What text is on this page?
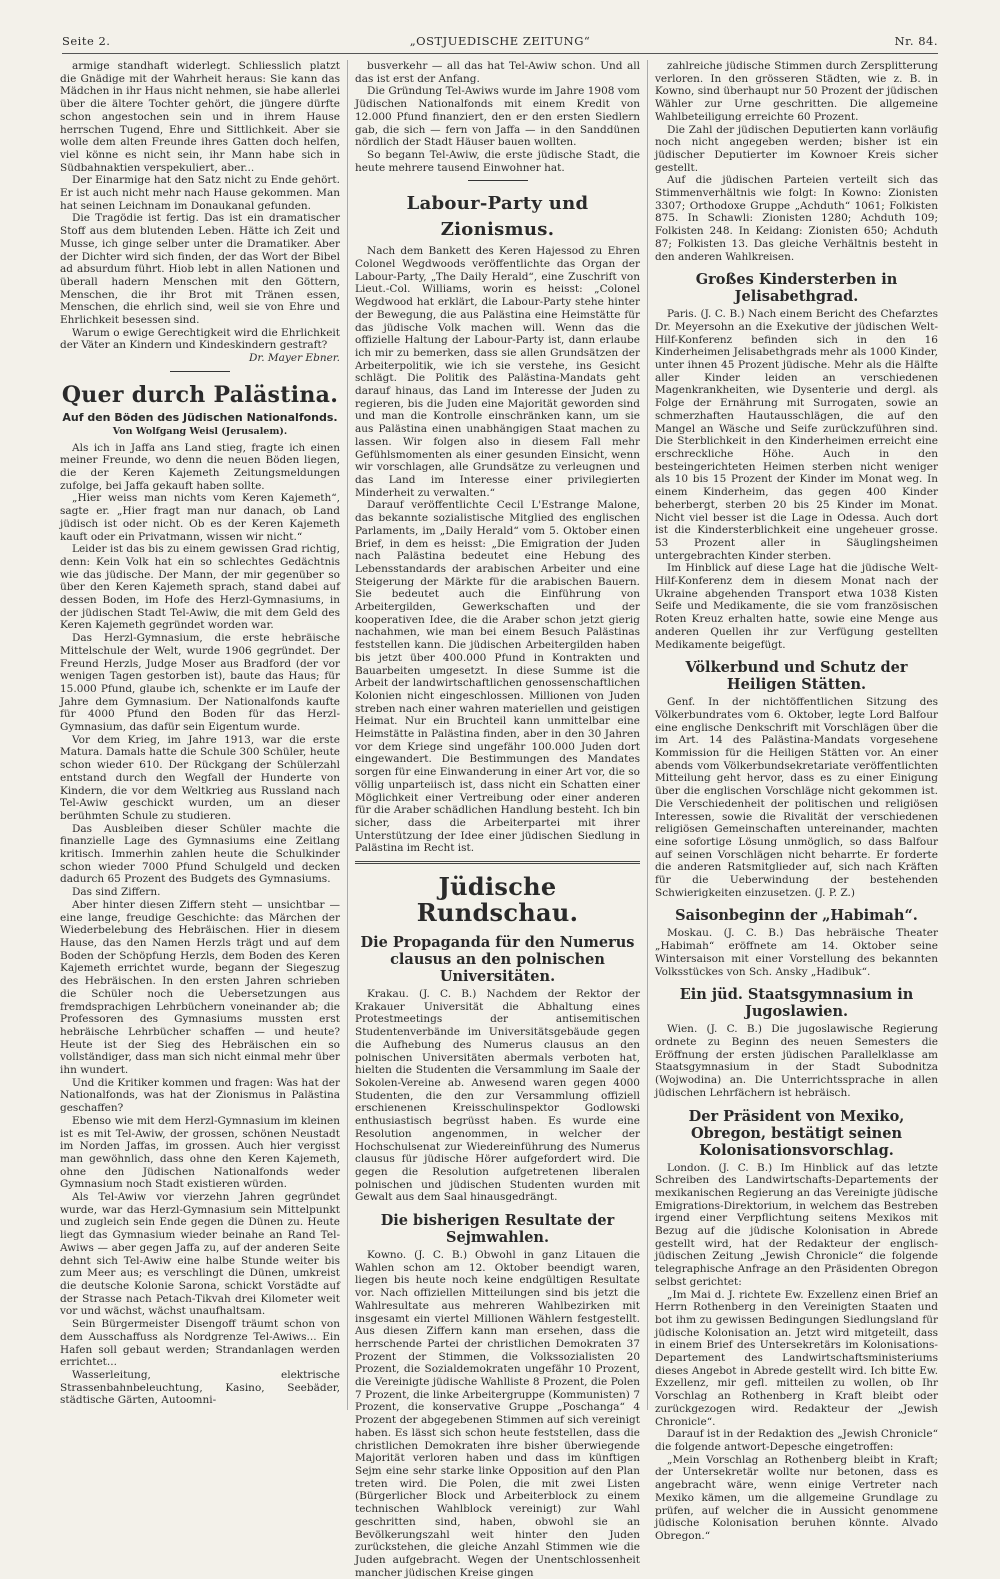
Seite 2.	„OSTJUEDISCHE ZEITUNG“	Nr. 84.

armige standhaft widerlegt. Schliesslich platzt die Gnädige mit der Wahrheit heraus: Sie kann das Mädchen in ihr Haus nicht nehmen, sie habe allerlei über die ältere Tochter gehört, die jüngere dürfte schon angestochen sein und in ihrem Hause herrschen Tugend, Ehre und Sittlichkeit. Aber sie wolle dem alten Freunde ihres Gatten doch helfen, viel könne es nicht sein, ihr Mann habe sich in Südbahnaktien verspekuliert, aber...

Der Einarmige hat den Satz nicht zu Ende gehört. Er ist auch nicht mehr nach Hause gekommen. Man hat seinen Leichnam im Donaukanal gefunden.

Die Tragödie ist fertig. Das ist ein dramatischer Stoff aus dem blutenden Leben. Hätte ich Zeit und Musse, ich ginge selber unter die Dramatiker. Aber der Dichter wird sich finden, der das Wort der Bibel ad absurdum führt. Hiob lebt in allen Nationen und überall hadern Menschen mit den Göttern, Menschen, die ihr Brot mit Tränen essen, Menschen, die ehrlich sind, weil sie von Ehre und Ehrlichkeit besessen sind.

Warum o ewige Gerechtigkeit wird die Ehrlichkeit der Väter an Kindern und Kindeskindern gestraft?

Dr. Mayer Ebner.

Quer durch Palästina.
Auf den Böden des Jüdischen Nationalfonds.
Von Wolfgang Weisl (Jerusalem).

Als ich in Jaffa ans Land stieg, fragte ich einen meiner Freunde, wo denn die neuen Böden liegen, die der Keren Kajemeth Zeitungsmeldungen zufolge, bei Jaffa gekauft haben sollte.

„Hier weiss man nichts vom Keren Kajemeth“, sagte er. „Hier fragt man nur danach, ob Land jüdisch ist oder nicht. Ob es der Keren Kajemeth kauft oder ein Privatmann, wissen wir nicht.“

Leider ist das bis zu einem gewissen Grad richtig, denn: Kein Volk hat ein so schlechtes Gedächtnis wie das jüdische. Der Mann, der mir gegenüber so über den Keren Kajemeth sprach, stand dabei auf dessen Boden, im Hofe des Herzl-Gymnasiums, in der jüdischen Stadt Tel-Awiw, die mit dem Geld des Keren Kajemeth gegründet worden war.

Das Herzl-Gymnasium, die erste hebräische Mittelschule der Welt, wurde 1906 gegründet. Der Freund Herzls, Judge Moser aus Bradford (der vor wenigen Tagen gestorben ist), baute das Haus; für 15.000 Pfund, glaube ich, schenkte er im Laufe der Jahre dem Gymnasium. Der Nationalfonds kaufte für 4000 Pfund den Boden für das Herzl-Gymnasium, das dafür sein Eigentum wurde.

Vor dem Krieg, im Jahre 1913, war die erste Matura. Damals hatte die Schule 300 Schüler, heute schon wieder 610. Der Rückgang der Schülerzahl entstand durch den Wegfall der Hunderte von Kindern, die vor dem Weltkrieg aus Russland nach Tel-Awiw geschickt wurden, um an dieser berühmten Schule zu studieren.

Das Ausbleiben dieser Schüler machte die finanzielle Lage des Gymnasiums eine Zeitlang kritisch. Immerhin zahlen heute die Schulkinder schon wieder 7000 Pfund Schulgeld und decken dadurch 65 Prozent des Budgets des Gymnasiums.

Das sind Ziffern.

Aber hinter diesen Ziffern steht — unsichtbar — eine lange, freudige Geschichte: das Märchen der Wiederbelebung des Hebräischen. Hier in diesem Hause, das den Namen Herzls trägt und auf dem Boden der Schöpfung Herzls, dem Boden des Keren Kajemeth errichtet wurde, begann der Siegeszug des Hebräischen. In den ersten Jahren schrieben die Schüler noch die Uebersetzungen aus fremdsprachigen Lehrbüchern voneinander ab; die Professoren des Gymnasiums mussten erst hebräische Lehrbücher schaffen — und heute? Heute ist der Sieg des Hebräischen ein so vollständiger, dass man sich nicht einmal mehr über ihn wundert.

Und die Kritiker kommen und fragen: Was hat der Nationalfonds, was hat der Zionismus in Palästina geschaffen?

Ebenso wie mit dem Herzl-Gymnasium im kleinen ist es mit Tel-Awiw, der grossen, schönen Neustadt im Norden Jaffas, im grossen. Auch hier vergisst man gewöhnlich, dass ohne den Keren Kajemeth, ohne den Jüdischen Nationalfonds weder Gymnasium noch Stadt existieren würden.

Als Tel-Awiw vor vierzehn Jahren gegründet wurde, war das Herzl-Gymnasium sein Mittelpunkt und zugleich sein Ende gegen die Dünen zu. Heute liegt das Gymnasium wieder beinahe an Rand Tel-Awiws — aber gegen Jaffa zu, auf der anderen Seite dehnt sich Tel-Awiw eine halbe Stunde weiter bis zum Meer aus; es verschlingt die Dünen, umkreist die deutsche Kolonie Sarona, schickt Vorstädte auf der Strasse nach Petach-Tikvah drei Kilometer weit vor und wächst, wächst unaufhaltsam.

Sein Bürgermeister Disengoff träumt schon von dem Ausschaffuss als Nordgrenze Tel-Awiws... Ein Hafen soll gebaut werden; Strandanlagen werden errichtet...

Wasserleitung, elektrische Strassenbahnbeleuchtung, Kasino, Seebäder, städtische Gärten, Autoomni-

busverkehr — all das hat Tel-Awiw schon. Und all das ist erst der Anfang.

Die Gründung Tel-Awiws wurde im Jahre 1908 vom Jüdischen Nationalfonds mit einem Kredit von 12.000 Pfund finanziert, den er den ersten Siedlern gab, die sich — fern von Jaffa — in den Sanddünen nördlich der Stadt Häuser bauen wollten.

So begann Tel-Awiw, die erste jüdische Stadt, die heute mehrere tausend Einwohner hat.

Labour-Party und Zionismus.

Nach dem Bankett des Keren Hajessod zu Ehren Colonel Wegdwoods veröffentlichte das Organ der Labour-Party, „The Daily Herald“, eine Zuschrift von Lieut.-Col. Williams, worin es heisst: „Colonel Wegdwood hat erklärt, die Labour-Party stehe hinter der Bewegung, die aus Palästina eine Heimstätte für das jüdische Volk machen will. Wenn das die offizielle Haltung der Labour-Party ist, dann erlaube ich mir zu bemerken, dass sie allen Grundsätzen der Arbeiterpolitik, wie ich sie verstehe, ins Gesicht schlägt. Die Politik des Palästina-Mandats geht darauf hinaus, das Land im Interesse der Juden zu regieren, bis die Juden eine Majorität geworden sind und man die Kontrolle einschränken kann, um sie aus Palästina einen unabhängigen Staat machen zu lassen. Wir folgen also in diesem Fall mehr Gefühlsmomenten als einer gesunden Einsicht, wenn wir vorschlagen, alle Grundsätze zu verleugnen und das Land im Interesse einer privilegierten Minderheit zu verwalten.“

Darauf veröffentlichte Cecil L'Estrange Malone, das bekannte sozialistische Mitglied des englischen Parlaments, im „Daily Herald“ vom 5. Oktober einen Brief, in dem es heisst: „Die Emigration der Juden nach Palästina bedeutet eine Hebung des Lebensstandards der arabischen Arbeiter und eine Steigerung der Märkte für die arabischen Bauern. Sie bedeutet auch die Einführung von Arbeitergilden, Gewerkschaften und der kooperativen Idee, die die Araber schon jetzt gierig nachahmen, wie man bei einem Besuch Palästinas feststellen kann. Die jüdischen Arbeitergilden haben bis jetzt über 400.000 Pfund in Kontrakten und Bauarbeiten umgesetzt. In diese Summe ist die Arbeit der landwirtschaftlichen genossenschaftlichen Kolonien nicht eingeschlossen. Millionen von Juden streben nach einer wahren materiellen und geistigen Heimat. Nur ein Bruchteil kann unmittelbar eine Heimstätte in Palästina finden, aber in den 30 Jahren vor dem Kriege sind ungefähr 100.000 Juden dort eingewandert. Die Bestimmungen des Mandates sorgen für eine Einwanderung in einer Art vor, die so völlig unparteiisch ist, dass nicht ein Schatten einer Möglichkeit einer Vertreibung oder einer anderen für die Araber schädlichen Handlung besteht. Ich bin sicher, dass die Arbeiterpartei mit ihrer Unterstützung der Idee einer jüdischen Siedlung in Palästina im Recht ist.

Jüdische Rundschau.
Die Propaganda für den Numerus clausus an den polnischen Universitäten.

Krakau. (J. C. B.) Nachdem der Rektor der Krakauer Universität die Abhaltung eines Protestmeetings der antisemitischen Studentenverbände im Universitätsgebäude gegen die Aufhebung des Numerus clausus an den polnischen Universitäten abermals verboten hat, hielten die Studenten die Versammlung im Saale der Sokolen-Vereine ab. Anwesend waren gegen 4000 Studenten, die den zur Versammlung offiziell erschienenen Kreisschulinspektor Godlowski enthusiastisch begrüsst haben. Es wurde eine Resolution angenommen, in welcher der Hochschulsenat zur Wiedereinführung des Numerus clausus für jüdische Hörer aufgefordert wird. Die gegen die Resolution aufgetretenen liberalen polnischen und jüdischen Studenten wurden mit Gewalt aus dem Saal hinausgedrängt.

Die bisherigen Resultate der Sejmwahlen.

Kowno. (J. C. B.) Obwohl in ganz Litauen die Wahlen schon am 12. Oktober beendigt waren, liegen bis heute noch keine endgültigen Resultate vor. Nach offiziellen Mitteilungen sind bis jetzt die Wahlresultate aus mehreren Wahlbezirken mit insgesamt ein viertel Millionen Wählern festgestellt. Aus diesen Ziffern kann man ersehen, dass die herrschende Partei der christlichen Demokraten 37 Prozent der Stimmen, die Volkssozialisten 20 Prozent, die Sozialdemokraten ungefähr 10 Prozent, die Vereinigte jüdische Wahlliste 8 Prozent, die Polen 7 Prozent, die linke Arbeitergruppe (Kommunisten) 7 Prozent, die konservative Gruppe „Poschanga“ 4 Prozent der abgegebenen Stimmen auf sich vereinigt haben. Es lässt sich schon heute feststellen, dass die christlichen Demokraten ihre bisher überwiegende Majorität verloren haben und dass im künftigen Sejm eine sehr starke linke Opposition auf den Plan treten wird. Die Polen, die mit zwei Listen (Bürgerlicher Block und Arbeiterblock zu einem technischen Wahlblock vereinigt) zur Wahl geschritten sind, haben, obwohl sie an Bevölkerungszahl weit hinter den Juden zurückstehen, die gleiche Anzahl Stimmen wie die Juden aufgebracht. Wegen der Unentschlossenheit mancher jüdischen Kreise gingen

zahlreiche jüdische Stimmen durch Zersplitterung verloren. In den grösseren Städten, wie z. B. in Kowno, sind überhaupt nur 50 Prozent der jüdischen Wähler zur Urne geschritten. Die allgemeine Wahlbeteiligung erreichte 60 Prozent.

Die Zahl der jüdischen Deputierten kann vorläufig noch nicht angegeben werden; bisher ist ein jüdischer Deputierter im Kownoer Kreis sicher gestellt.

Auf die jüdischen Parteien verteilt sich das Stimmenverhältnis wie folgt: In Kowno: Zionisten 3307; Orthodoxe Gruppe „Achduth“ 1061; Folkisten 875. In Schawli: Zionisten 1280; Achduth 109; Folkisten 248. In Keidang: Zionisten 650; Achduth 87; Folkisten 13. Das gleiche Verhältnis besteht in den anderen Wahlkreisen.

Großes Kindersterben in Jelisabethgrad.

Paris. (J. C. B.) Nach einem Bericht des Chefarztes Dr. Meyersohn an die Exekutive der jüdischen Welt-Hilf-Konferenz befinden sich in den 16 Kinderheimen Jelisabethgrads mehr als 1000 Kinder, unter ihnen 45 Prozent jüdische. Mehr als die Hälfte aller Kinder leiden an verschiedenen Magenkrankheiten, wie Dysenterie und dergl. als Folge der Ernährung mit Surrogaten, sowie an schmerzhaften Hautausschlägen, die auf den Mangel an Wäsche und Seife zurückzuführen sind. Die Sterblichkeit in den Kinderheimen erreicht eine erschreckliche Höhe. Auch in den besteingerichteten Heimen sterben nicht weniger als 10 bis 15 Prozent der Kinder im Monat weg. In einem Kinderheim, das gegen 400 Kinder beherbergt, sterben 20 bis 25 Kinder im Monat. Nicht viel besser ist die Lage in Odessa. Auch dort ist die Kindersterblichkeit eine ungeheuer grosse. 53 Prozent aller in Säuglingsheimen untergebrachten Kinder sterben.

Im Hinblick auf diese Lage hat die jüdische Welt-Hilf-Konferenz dem in diesem Monat nach der Ukraine abgehenden Transport etwa 1038 Kisten Seife und Medikamente, die sie vom französischen Roten Kreuz erhalten hatte, sowie eine Menge aus anderen Quellen ihr zur Verfügung gestellten Medikamente beigefügt.

Völkerbund und Schutz der Heiligen Stätten.

Genf. In der nichtöffentlichen Sitzung des Völkerbundrates vom 6. Oktober, legte Lord Balfour eine englische Denkschrift mit Vorschlägen über die im Art. 14 des Palästina-Mandats vorgesehene Kommission für die Heiligen Stätten vor. An einer abends vom Völkerbundsekretariate veröffentlichten Mitteilung geht hervor, dass es zu einer Einigung über die englischen Vorschläge nicht gekommen ist. Die Verschiedenheit der politischen und religiösen Interessen, sowie die Rivalität der verschiedenen religiösen Gemeinschaften untereinander, machten eine sofortige Lösung unmöglich, so dass Balfour auf seinen Vorschlägen nicht beharrte. Er forderte die anderen Ratsmitglieder auf, sich nach Kräften für die Ueberwindung der bestehenden Schwierigkeiten einzusetzen. (J. P. Z.)

Saisonbeginn der „Habimah“.

Moskau. (J. C. B.) Das hebräische Theater „Habimah“ eröffnete am 14. Oktober seine Wintersaison mit einer Vorstellung des bekannten Volksstückes von Sch. Ansky „Hadibuk“.

Ein jüd. Staatsgymnasium in Jugoslawien.

Wien. (J. C. B.) Die jugoslawische Regierung ordnete zu Beginn des neuen Semesters die Eröffnung der ersten jüdischen Parallelklasse am Staatsgymnasium in der Stadt Subodnitza (Wojwodina) an. Die Unterrichtssprache in allen jüdischen Lehrfächern ist hebräisch.

Der Präsident von Mexiko, Obregon, bestätigt seinen Kolonisationsvorschlag.

London. (J. C. B.) Im Hinblick auf das letzte Schreiben des Landwirtschafts-Departements der mexikanischen Regierung an das Vereinigte jüdische Emigrations-Direktorium, in welchem das Bestreben irgend einer Verpflichtung seitens Mexikos mit Bezug auf die jüdische Kolonisation in Abrede gestellt wird, hat der Redakteur der englisch-jüdischen Zeitung „Jewish Chronicle“ die folgende telegraphische Anfrage an den Präsidenten Obregon selbst gerichtet:

„Im Mai d. J. richtete Ew. Exzellenz einen Brief an Herrn Rothenberg in den Vereinigten Staaten und bot ihm zu gewissen Bedingungen Siedlungsland für jüdische Kolonisation an. Jetzt wird mitgeteilt, dass in einem Brief des Untersekretärs im Kolonisations-Departement des Landwirtschaftsministeriums dieses Angebot in Abrede gestellt wird. Ich bitte Ew. Exzellenz, mir gefl. mitteilen zu wollen, ob Ihr Vorschlag an Rothenberg in Kraft bleibt oder zurückgezogen wird. Redakteur der „Jewish Chronicle“.

Darauf ist in der Redaktion des „Jewish Chronicle“ die folgende antwort-Depesche eingetroffen:

„Mein Vorschlag an Rothenberg bleibt in Kraft; der Untersekretär wollte nur betonen, dass es angebracht wäre, wenn einige Vertreter nach Mexiko kämen, um die allgemeine Grundlage zu prüfen, auf welcher die in Aussicht genommene jüdische Kolonisation beruhen könnte. Alvado Obregon.“
